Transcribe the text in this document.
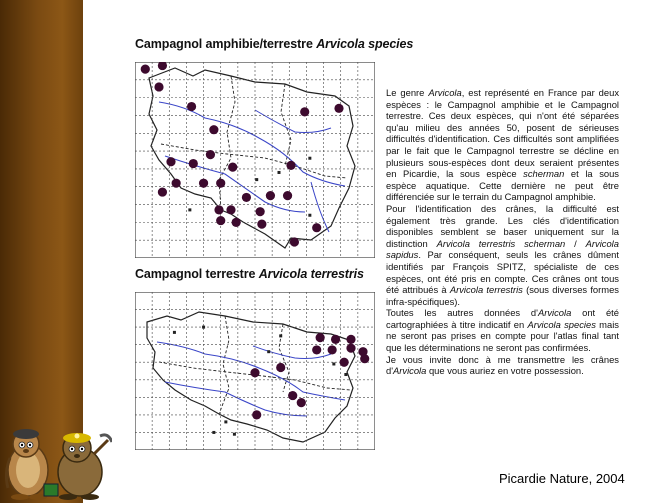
Campagnol amphibie/terrestre Arvicola species
Campagnol terrestre Arvicola terrestris

Le genre Arvicola, est représenté en France par deux espèces : le Campagnol amphibie et le Campagnol terrestre. Ces deux espèces, qui n'ont été séparées qu'au milieu des années 50, posent de sérieuses difficultés d'identification. Ces difficultés sont amplifiées par le fait que le Campagnol terrestre se décline en plusieurs sous-espèces dont deux seraient présentes en Picardie, la sous espèce scherman et la sous espèce aquatique. Cette dernière ne peut être différenciée sur le terrain du Campagnol amphibie.

Pour l'identification des crânes, la difficulté est également très grande. Les clés d'identification disponibles semblent se baser uniquement sur la distinction Arvicola terrestris scherman / Arvicola sapidus. Par conséquent, seuls les crânes dûment identifiés par François SPITZ, spécialiste de ces espèces, ont été pris en compte. Ces crânes ont tous été attribués à Arvicola terrestris (sous diverses formes infra-spécifiques).

Toutes les autres données d'Arvicola ont été cartographiées à titre indicatif en Arvicola species mais ne seront pas prises en compte pour l'atlas final tant que les déterminations ne seront pas confirmées.

Je vous invite donc à me transmettre les crânes d'Arvicola que vous auriez en votre possession.

Picardie Nature, 2004
